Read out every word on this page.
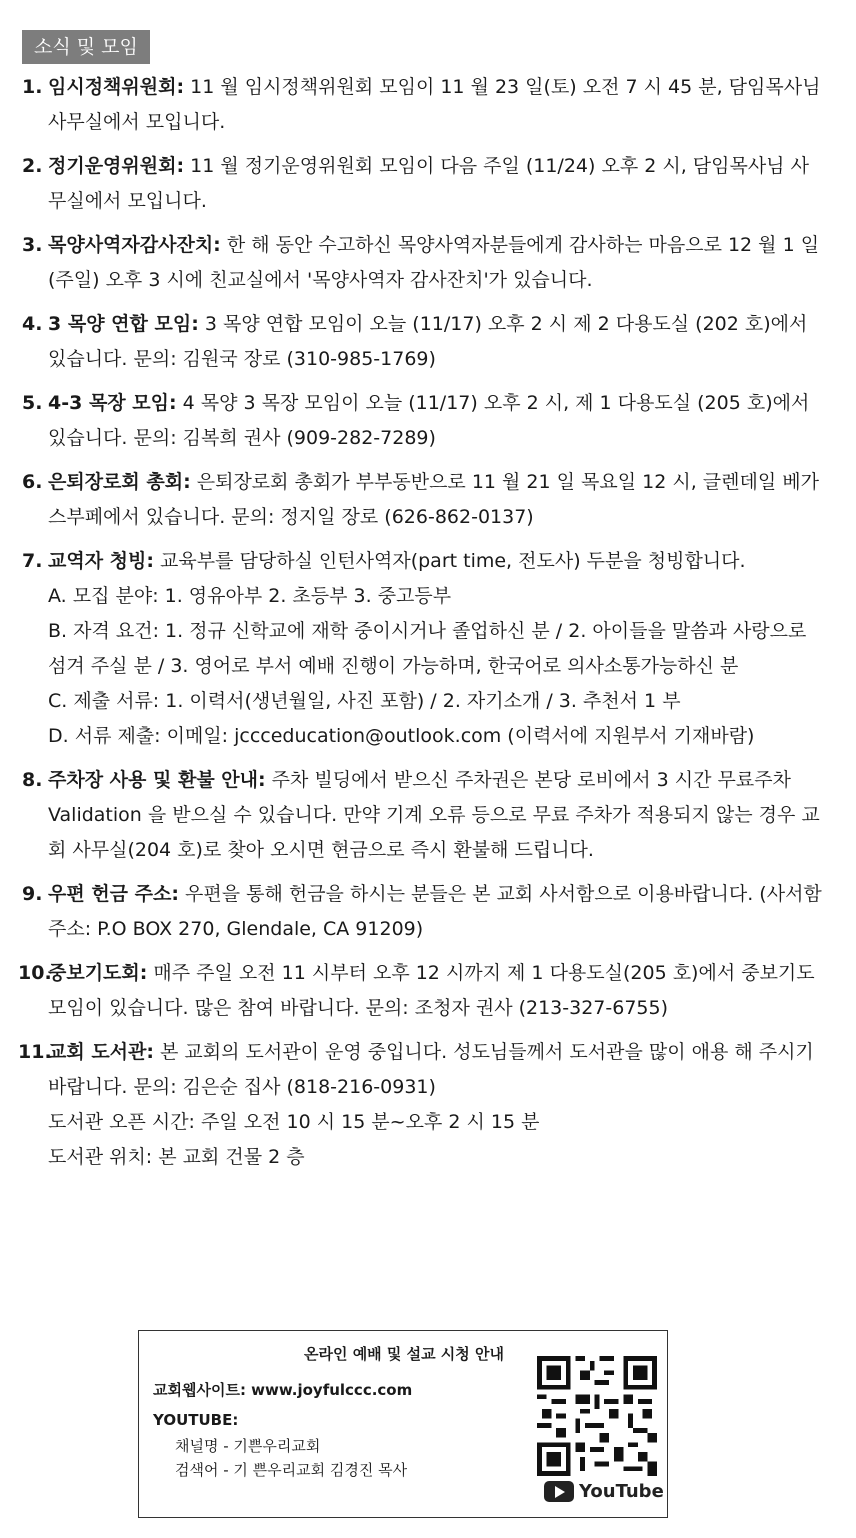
소식 및 모임
1. 임시정책위원회: 11 월 임시정책위원회 모임이 11 월 23 일(토) 오전 7 시 45 분, 담임목사님 사무실에서 모입니다.
2. 정기운영위원회: 11 월 정기운영위원회 모임이 다음 주일 (11/24) 오후 2 시, 담임목사님 사무실에서 모입니다.
3. 목양사역자감사잔치: 한 해 동안 수고하신 목양사역자분들에게 감사하는 마음으로 12 월 1 일(주일) 오후 3 시에 친교실에서 '목양사역자 감사잔치'가 있습니다.
4. 3 목양 연합 모임: 3 목양 연합 모임이 오늘 (11/17) 오후 2 시 제 2 다용도실 (202 호)에서 있습니다. 문의: 김원국 장로 (310-985-1769)
5. 4-3 목장 모임: 4 목양 3 목장 모임이 오늘 (11/17) 오후 2 시, 제 1 다용도실 (205 호)에서 있습니다. 문의: 김복희 권사 (909-282-7289)
6. 은퇴장로회 총회: 은퇴장로회 총회가 부부동반으로 11 월 21 일 목요일 12 시, 글렌데일 베가스부페에서 있습니다. 문의: 정지일 장로 (626-862-0137)
7. 교역자 청빙: 교육부를 담당하실 인턴사역자(part time, 전도사) 두분을 청빙합니다.
A. 모집 분야: 1. 영유아부 2. 초등부 3. 중고등부
B. 자격 요건: 1. 정규 신학교에 재학 중이시거나 졸업하신 분 / 2. 아이들을 말씀과 사랑으로 섬겨 주실 분 / 3. 영어로 부서 예배 진행이 가능하며, 한국어로 의사소통가능하신 분
C. 제출 서류: 1. 이력서(생년월일, 사진 포함) / 2. 자기소개 / 3. 추천서 1 부
D. 서류 제출: 이메일: jccceducation@outlook.com (이력서에 지원부서 기재바람)
8. 주차장 사용 및 환불 안내: 주차 빌딩에서 받으신 주차권은 본당 로비에서 3 시간 무료주차 Validation 을 받으실 수 있습니다. 만약 기계 오류 등으로 무료 주차가 적용되지 않는 경우 교회 사무실(204 호)로 찾아 오시면 현금으로 즉시 환불해 드립니다.
9. 우편 헌금 주소: 우편을 통해 헌금을 하시는 분들은 본 교회 사서함으로 이용바랍니다. (사서함 주소: P.O BOX 270, Glendale, CA 91209)
10.
중보기도회: 매주 주일 오전 11 시부터 오후 12 시까지 제 1 다용도실(205 호)에서 중보기도모임이 있습니다. 많은 참여 바랍니다. 문의: 조청자 권사 (213-327-6755)
11.
교회 도서관: 본 교회의 도서관이 운영 중입니다. 성도님들께서 도서관을 많이 애용 해 주시기 바랍니다. 문의: 김은순 집사 (818-216-0931)
도서관 오픈 시간: 주일 오전 10 시 15 분~오후 2 시 15 분
도서관 위치: 본 교회 건물 2 층
온라인 예배 및 설교 시청 안내
교회웹사이트: www.joyfulccc.com
YOUTUBE:
채널명 - 기쁜우리교회
검색어 - 기 쁜우리교회 김경진 목사
YouTube
